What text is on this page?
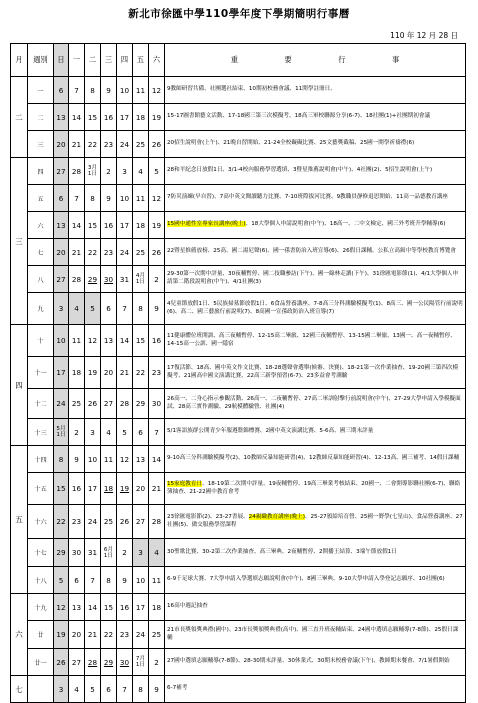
新北市徐匯中學110學年度下學期簡明行事曆
110 年 12 月 28 日
月	週別	日	一	二	三	四	五	六	重 要 行 事
二	一	6	7	8	9	10	11	12	9教師研習共備、社團選社結束、10期初校務會議、11開學註冊日、
	二	13	14	15	16	17	18	19	15-17圖書館藝文活動、17-18國三第三次模擬考、18高三軍校聯源分享(6-7)、18社團(1)+社團期初會議
	三	20	21	22	23	24	25	26	20招生說明會(上午)、21晚自習開始、21-24全校礙礙比賽、25文藝獎截稿、25國一開學祈禱禮(6)
三	四	27	28	3月1日	2	3	4	5	28和平紀念日放假1日、3/1-4校內服務學習選填、3暨星推薦說明會(中午)、4社團(2)、5招生說明會(上午)
	五	6	7	8	9	10	11	12	7防災演練(早自習)、7高中英文閱讀聽力比賽、7-10班際拔河比賽、9教職員靜修退思開始、11高一品德教育講座
	六	13	14	15	16	17	18	19	15國中通性室專家長講座(晚上)、18大學個人申請說明會(中午)、18高一、二中文檢定、國三外考班升學輔導(6)
	七	20	21	22	23	24	25	26	22暨星推薦放榜、25高、國二湯尼聲(6)、國一孫書防治入班宣導(6)、26假日課輔、公私立高級中等學校教育博覽會
	八	27	28	29	30	31	4月1日	2	29-30第一次期中評量、30夜輔暫停、國二技職參訪(下午)、國一綠林走讀(下午)、31徐匯電影節(1)、4/1大學個人申請第二階段說明會(中午)、4/1社團(3)
	九	3	4	5	6	7	8	9	4兒童節放假1日、5民族掃墓節放假1日、6食品營養講座、7-8高三分科測驗模擬考(1)、8高三、國一公民陽管行前說明(6)、高二、國三藝旅行前說明(7)、8高國一宣孫政防治入班宣導(7)
四	十	10	11	12	13	14	15	16	11健康體位班開訓、高三夜輔暫停、12-15高二畢旅、12國三夜輔暫停、13-15國二畢旅、13國一、高一夜輔暫停、14-15高一公訓、國一隱宿
	十一	17	18	19	20	21	22	23	17復活節、18高、國中英文作文比賽、18-28選聲會選舉(候審、決賽)、18-21第一次作業抽查、19-20國三第四次模擬考、21國高中國文演講比賽、22高三新學預習(6-7)、23多益會考測驗
	十二	24	25	26	27	28	29	30	26高一、二身心指示參觀活動、26高一、二夜輔暫停、27高二軍訓射擊行前說明會(中午)、27-29大學申請入學模擬面試、28高三實作測驗、29航模體驗營、社團(4)
	十三	5月1日	2	3	4	5	6	7	5/1客語族群公開青少年服遵盤錦標賽、2國中英文演講比賽、5-6高、國三期末評量
五	十四	8	9	10	11	12	13	14	9-10高三分科測驗模擬考(2)、10教師反暴知能研習(4)、12教師反暴知能研習(4)、12-13高、國三補考、14假日課輔
	十五	15	16	17	18	19	20	21	15家庭教育日、18-19第二次期中評量、19夜輔暫停、19高三畢業考核結束、20國一、二會開導影聯社團(6-7)、聯絡簿抽查、21-22國中教育會考
	十六	22	23	24	25	26	27	28	23徐匯電影節(2)、23-27書展、24親職教育講座(晚上)、25-27頒給培育營、25國一野學(七星山)、食品營養講座、27社團(5)、做交服務學習課程
	十七	29	30	31	6月1日	2	3	4	30聖歌比賽、30-2第二次作業抽查、高三畢典、2夜輔暫停、2開播王結算、3端午節放假1日
	十八	5	6	7	8	9	10	11	6-9千足球大賽、7大學申請入學選填志願說明會(中午)、8國三畢典、9-10大學申請入學登記志願序、10社團(6)
六	十九	12	13	14	15	16	17	18	16高中週記抽查
	廿	19	20	21	22	23	24	25	21市長獎領獎典禮(國中)、23市長獎頒獎典禮(高中)、國三直升班夜輔結束、24國中選填志願輔導(7-8節)、25假日課輔
	廿一	26	27	28	29	30	7月1日	2	27國中選填志願輔導(7-8節)、28-30期末評量、30休業式、30期末校務會議(下午)、教師期末餐會、7/1暑假開始
七		3	4	5	6	7	8	9	6-7補考
